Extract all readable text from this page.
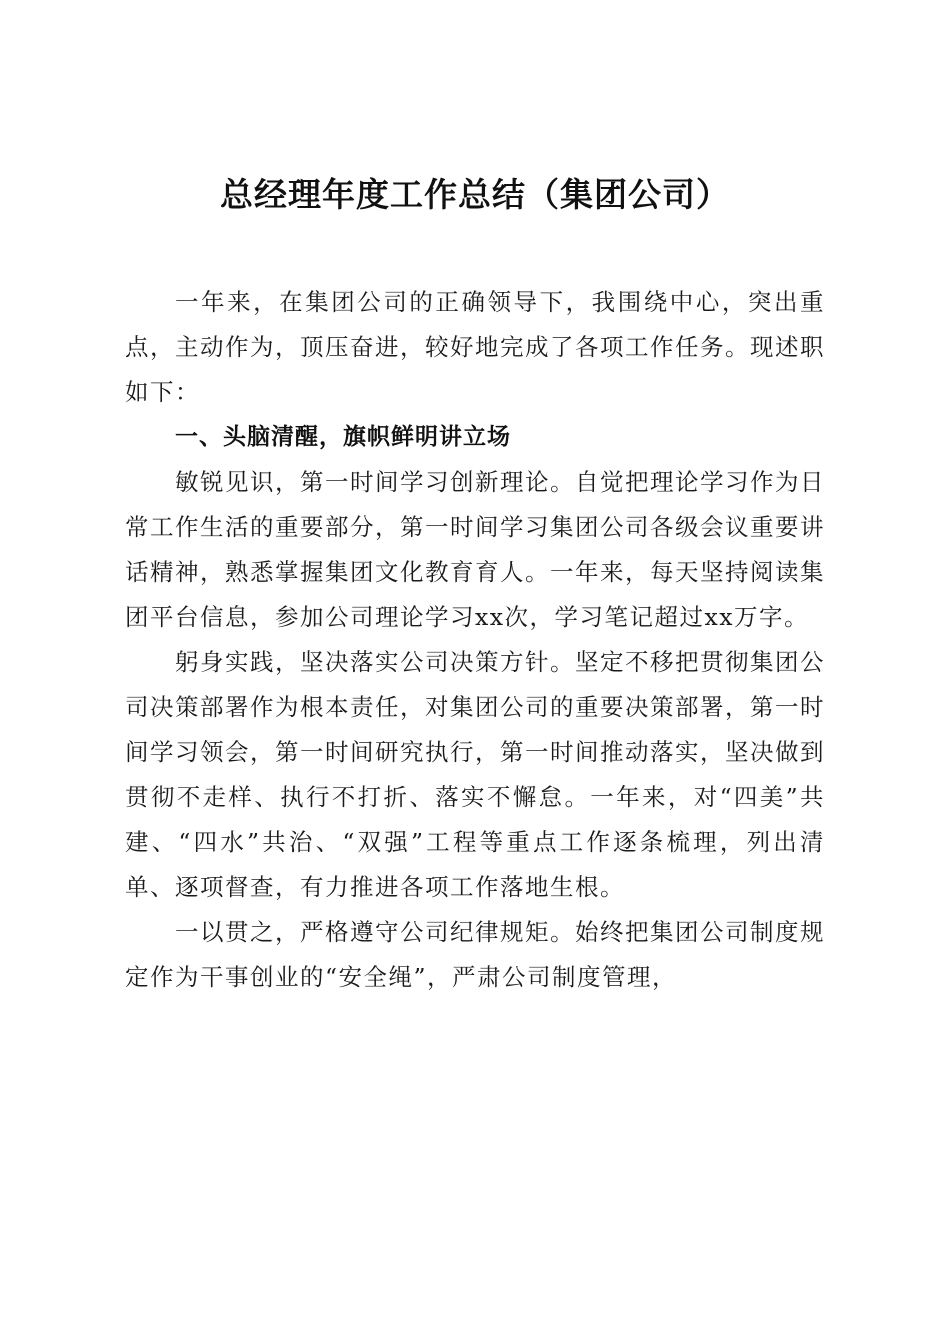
总经理年度工作总结（集团公司）

一年来，在集团公司的正确领导下，我围绕中心，突出重点，主动作为，顶压奋进，较好地完成了各项工作任务。现述职如下：

一、头脑清醒，旗帜鲜明讲立场

敏锐见识，第一时间学习创新理论。自觉把理论学习作为日常工作生活的重要部分，第一时间学习集团公司各级会议重要讲话精神，熟悉掌握集团文化教育育人。一年来，每天坚持阅读集团平台信息，参加公司理论学习xx次，学习笔记超过xx万字。

躬身实践，坚决落实公司决策方针。坚定不移把贯彻集团公司决策部署作为根本责任，对集团公司的重要决策部署，第一时间学习领会，第一时间研究执行，第一时间推动落实，坚决做到贯彻不走样、执行不打折、落实不懈怠。一年来，对“四美”共建、“四水”共治、“双强”工程等重点工作逐条梳理，列出清单、逐项督查，有力推进各项工作落地生根。

一以贯之，严格遵守公司纪律规矩。始终把集团公司制度规定作为干事创业的“安全绳”，严肃公司制度管理，
